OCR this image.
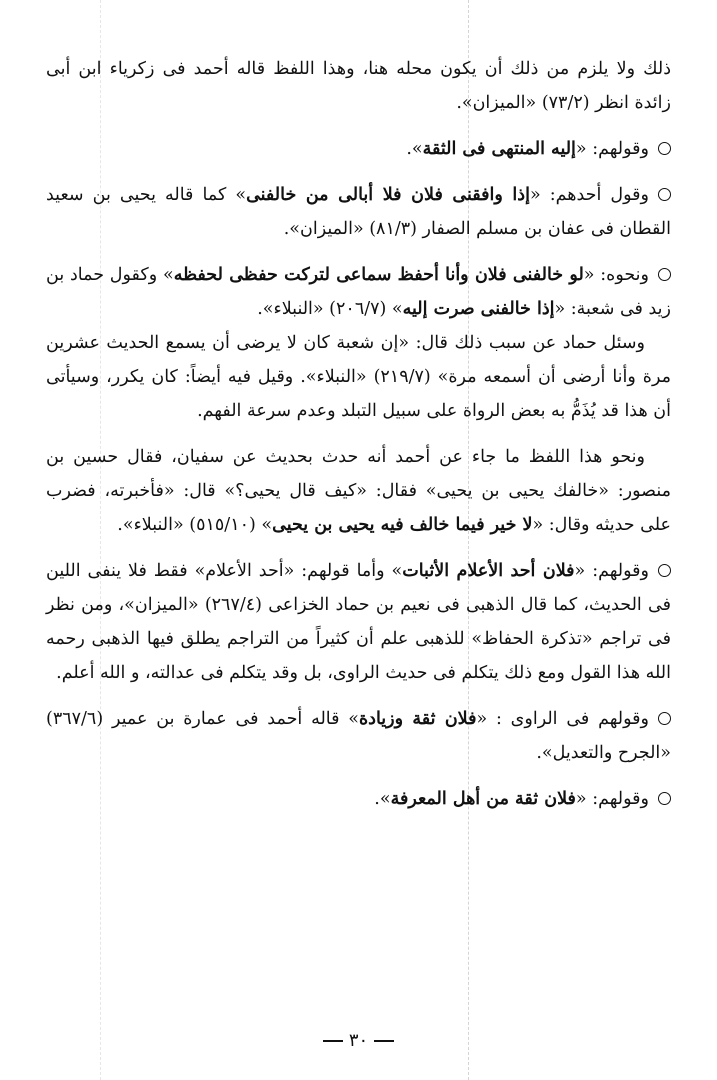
ذلك ولا يلزم من ذلك أن يكون محله هنا، وهذا اللفظ قاله أحمد فى زكرياء ابن أبى زائدة انظر (٧٣/٢) «الميزان».

وقولهم: «إليه المنتهى فى الثقة».

وقول أحدهم: «إذا وافقنى فلان فلا أبالى من خالفنى» كما قاله يحيى بن سعيد القطان فى عفان بن مسلم الصفار (٨١/٣) «الميزان».

ونحوه: «لو خالفنى فلان وأنا أحفظ سماعى لتركت حفظى لحفظه» وكقول حماد بن زيد فى شعبة: «إذا خالفنى صرت إليه» (٢٠٦/٧) «النبلاء».

وسئل حماد عن سبب ذلك قال: «إن شعبة كان لا يرضى أن يسمع الحديث عشرين مرة وأنا أرضى أن أسمعه مرة» (٢١٩/٧) «النبلاء». وقيل فيه أيضاً: كان يكرر، وسيأتى أن هذا قد يُذَمُّ به بعض الرواة على سبيل التبلد وعدم سرعة الفهم.

ونحو هذا اللفظ ما جاء عن أحمد أنه حدث بحديث عن سفيان، فقال حسين بن منصور: «خالفك يحيى بن يحيى» فقال: «كيف قال يحيى؟» قال: «فأخبرته، فضرب على حديثه وقال: «لا خير فيما خالف فيه يحيى بن يحيى» (٥١٥/١٠) «النبلاء».

وقولهم: «فلان أحد الأعلام الأثبات» وأما قولهم: «أحد الأعلام» فقط فلا ينفى اللين فى الحديث، كما قال الذهبى فى نعيم بن حماد الخزاعى (٢٦٧/٤) «الميزان»، ومن نظر فى تراجم «تذكرة الحفاظ» للذهبى علم أن كثيراً من التراجم يطلق فيها الذهبى رحمه الله هذا القول ومع ذلك يتكلم فى حديث الراوى، بل وقد يتكلم فى عدالته، و الله أعلم.

وقولهم فى الراوى : «فلان ثقة وزيادة» قاله أحمد فى عمارة بن عمير (٣٦٧/٦) «الجرح والتعديل».

وقولهم: «فلان ثقة من أهل المعرفة».

٣٠
